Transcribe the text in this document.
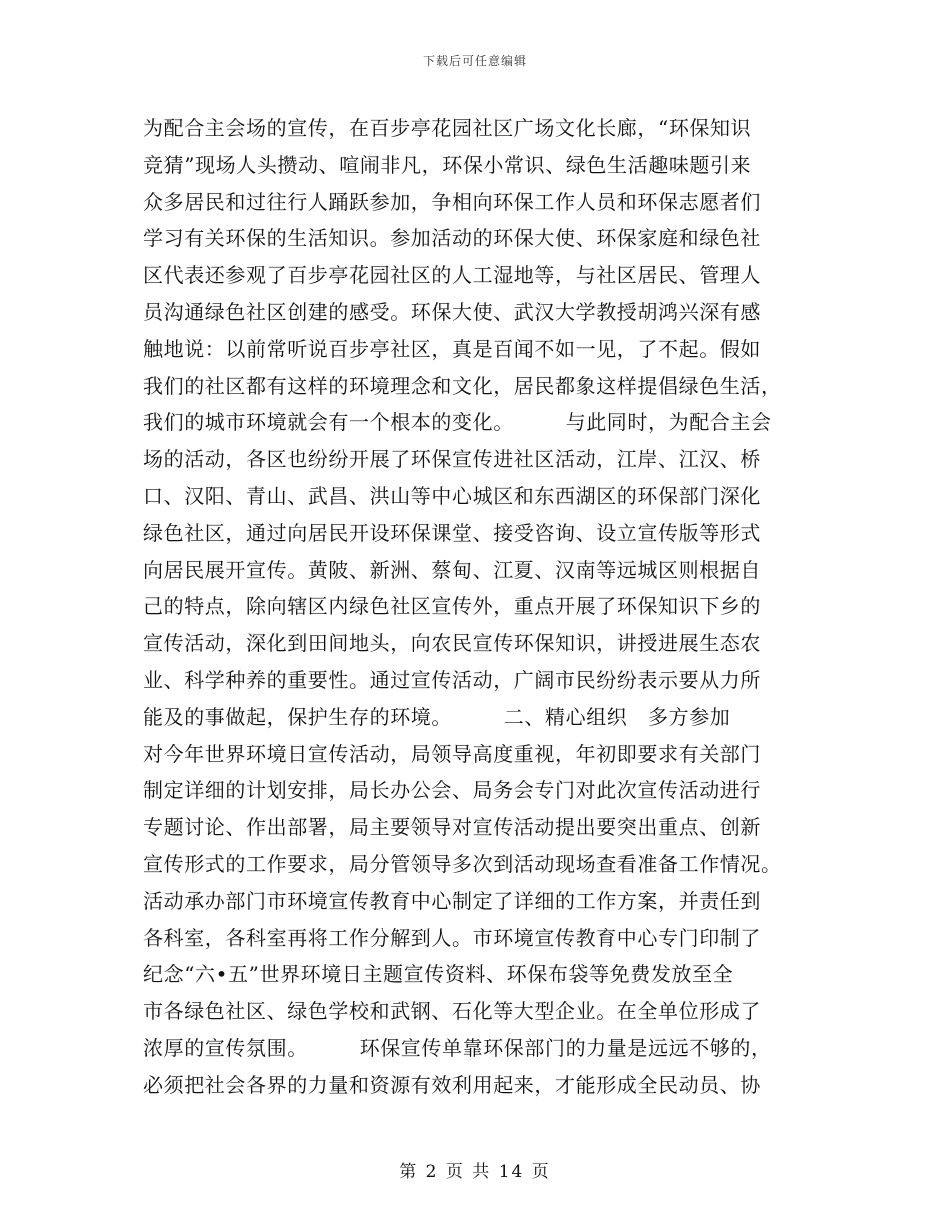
下载后可任意编辑
为配合主会场的宣传，在百步亭花园社区广场文化长廊，“环保知识
竞猜”现场人头攒动、喧闹非凡，环保小常识、绿色生活趣味题引来
众多居民和过往行人踊跃参加，争相向环保工作人员和环保志愿者们
学习有关环保的生活知识。参加活动的环保大使、环保家庭和绿色社
区代表还参观了百步亭花园社区的人工湿地等，与社区居民、管理人
员沟通绿色社区创建的感受。环保大使、武汉大学教授胡鸿兴深有感
触地说：以前常听说百步亭社区，真是百闻不如一见，了不起。假如
我们的社区都有这样的环境理念和文化，居民都象这样提倡绿色生活，
我们的城市环境就会有一个根本的变化。　　　与此同时，为配合主会
场的活动，各区也纷纷开展了环保宣传进社区活动，江岸、江汉、桥
口、汉阳、青山、武昌、洪山等中心城区和东西湖区的环保部门深化
绿色社区，通过向居民开设环保课堂、接受咨询、设立宣传版等形式
向居民展开宣传。黄陂、新洲、蔡甸、江夏、汉南等远城区则根据自
己的特点，除向辖区内绿色社区宣传外，重点开展了环保知识下乡的
宣传活动，深化到田间地头，向农民宣传环保知识，讲授进展生态农
业、科学种养的重要性。通过宣传活动，广阔市民纷纷表示要从力所
能及的事做起，保护生存的环境。　　　二、精心组织　多方参加
对今年世界环境日宣传活动，局领导高度重视，年初即要求有关部门
制定详细的计划安排，局长办公会、局务会专门对此次宣传活动进行
专题讨论、作出部署，局主要领导对宣传活动提出要突出重点、创新
宣传形式的工作要求，局分管领导多次到活动现场查看准备工作情况。
活动承办部门市环境宣传教育中心制定了详细的工作方案，并责任到
各科室，各科室再将工作分解到人。市环境宣传教育中心专门印制了
纪念“六•五”世界环境日主题宣传资料、环保布袋等免费发放至全
市各绿色社区、绿色学校和武钢、石化等大型企业。在全单位形成了
浓厚的宣传氛围。　　　环保宣传单靠环保部门的力量是远远不够的，
必须把社会各界的力量和资源有效利用起来，才能形成全民动员、协
第 2 页 共 14 页
